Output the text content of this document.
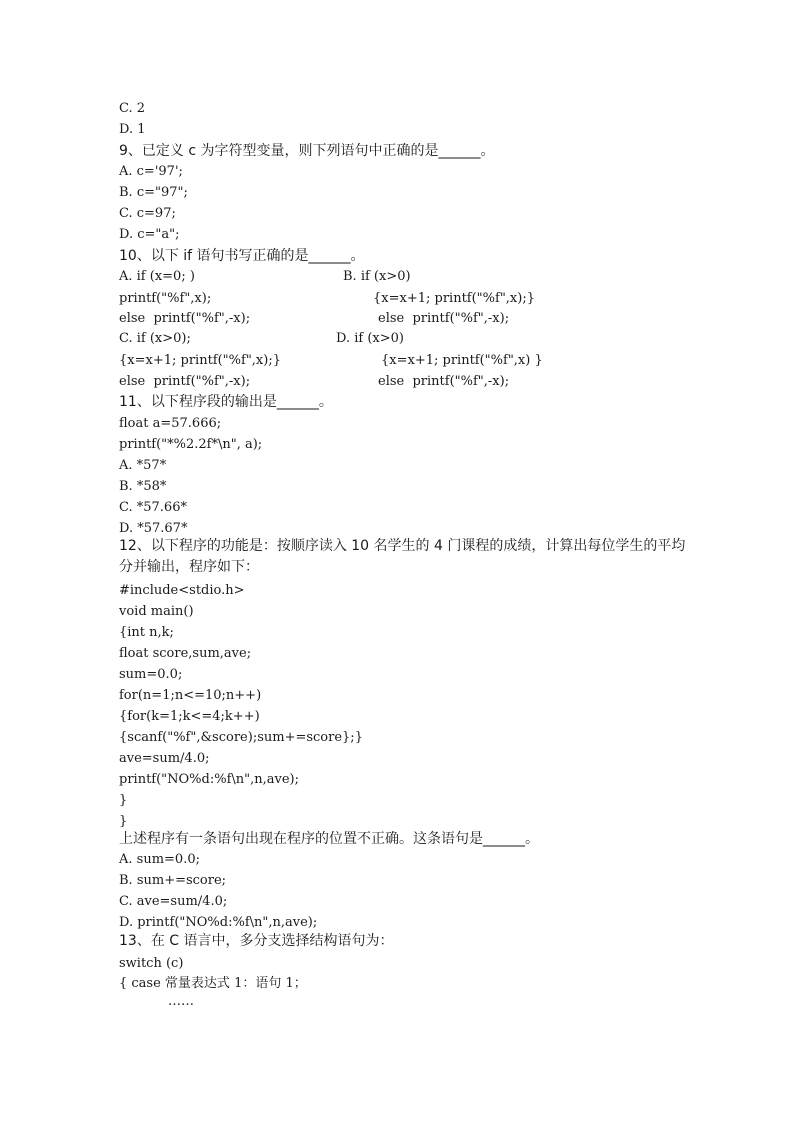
C. 2
D. 1
9、已定义 c 为字符型变量，则下列语句中正确的是______。
A. c='97';
B. c="97";
C. c=97;
D. c="a";
10、以下 if 语句书写正确的是______。
A. if (x=0; )	B. if (x>0)
printf("%f",x);	{x=x+1; printf("%f",x);}
else  printf("%f",-x);	else  printf("%f",-x);
C. if (x>0);	D. if (x>0)
{x=x+1; printf("%f",x);}	{x=x+1; printf("%f",x) }
else  printf("%f",-x);	else  printf("%f",-x);
11、以下程序段的输出是______。
float a=57.666;
printf("*%2.2f*\n", a);
A. *57*
B. *58*
C. *57.66*
D. *57.67*
12、以下程序的功能是：按顺序读入 10 名学生的 4 门课程的成绩，计算出每位学生的平均
分并输出，程序如下：
#include<stdio.h>
void main()
{int n,k;
float score,sum,ave;
sum=0.0;
for(n=1;n<=10;n++)
{for(k=1;k<=4;k++)
{scanf("%f",&score);sum+=score};}
ave=sum/4.0;
printf("NO%d:%f\n",n,ave);
}
}
上述程序有一条语句出现在程序的位置不正确。这条语句是______。
A. sum=0.0;
B. sum+=score;
C. ave=sum/4.0;
D. printf("NO%d:%f\n",n,ave);
13、在 C 语言中，多分支选择结构语句为：
switch (c)
{ case 常量表达式 1：语句 1；
……
